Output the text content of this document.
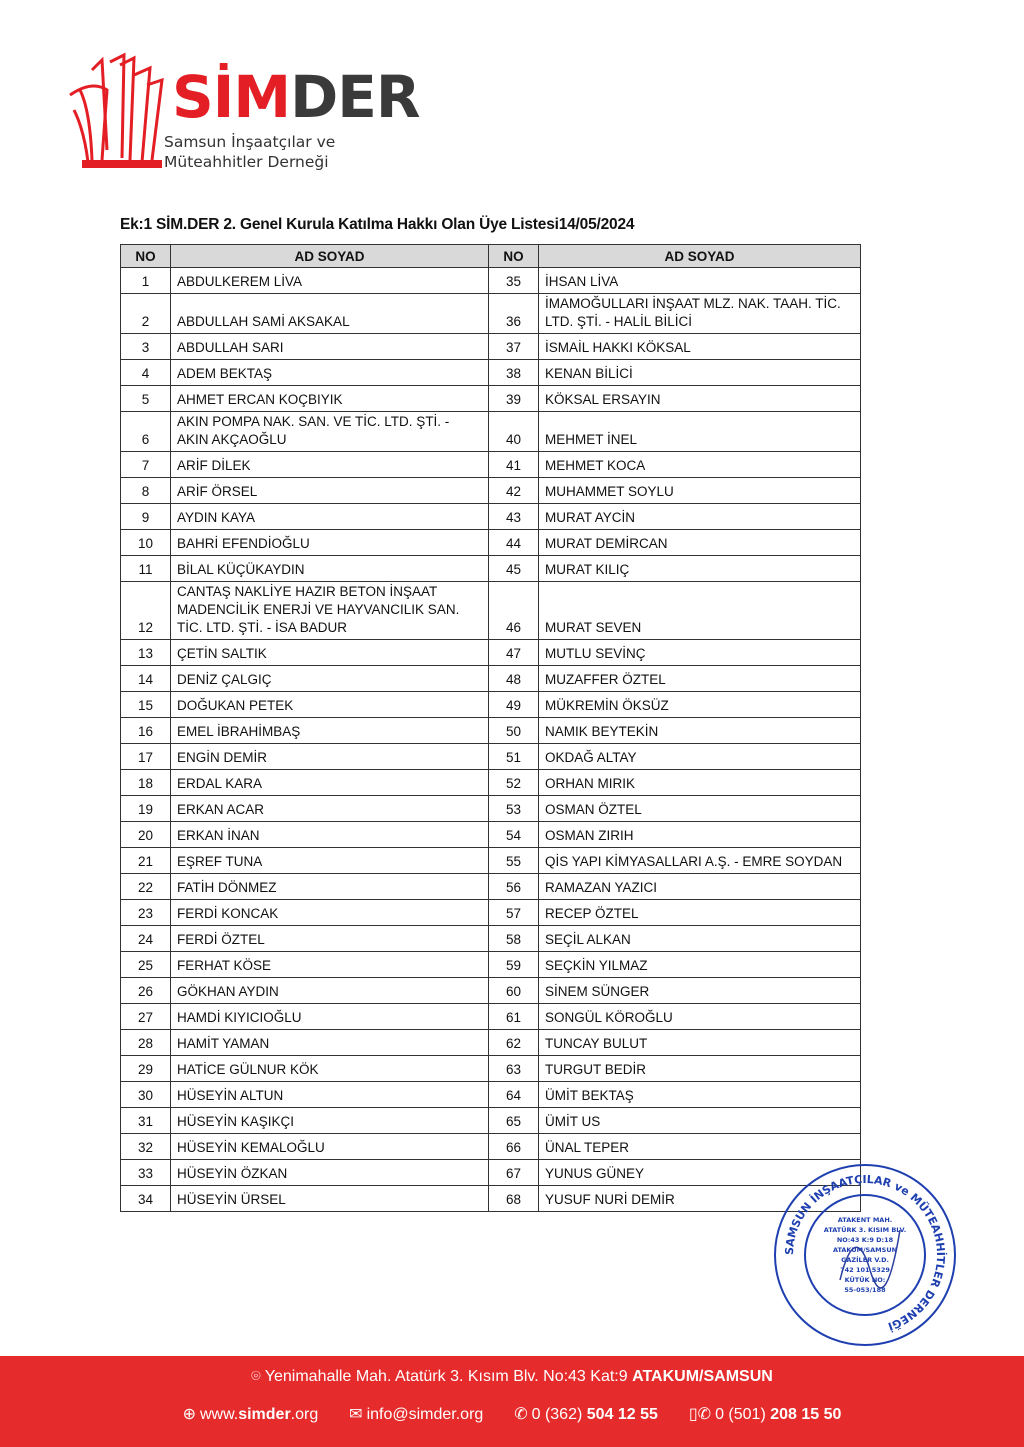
SİMDER
Samsun İnşaatçılar ve
Müteahhitler Derneği
Ek:1 SİM.DER 2. Genel Kurula Katılma Hakkı Olan Üye Listesi14/05/2024
NO	AD SOYAD	NO	AD SOYAD
1	ABDULKEREM LİVA	35	İHSAN LİVA
2	ABDULLAH SAMİ AKSAKAL	36	İMAMOĞULLARI İNŞAAT MLZ. NAK. TAAH. TİC. LTD. ŞTİ. - HALİL BİLİCİ
3	ABDULLAH SARI	37	İSMAİL HAKKI KÖKSAL
4	ADEM BEKTAŞ	38	KENAN BİLİCİ
5	AHMET ERCAN KOÇBIYIK	39	KÖKSAL ERSAYIN
6	AKIN POMPA NAK. SAN. VE TİC. LTD. ŞTİ. - AKIN AKÇAOĞLU	40	MEHMET İNEL
7	ARİF DİLEK	41	MEHMET KOCA
8	ARİF ÖRSEL	42	MUHAMMET SOYLU
9	AYDIN KAYA	43	MURAT AYCİN
10	BAHRİ EFENDİOĞLU	44	MURAT DEMİRCAN
11	BİLAL KÜÇÜKAYDIN	45	MURAT KILIÇ
12	CANTAŞ NAKLİYE HAZIR BETON İNŞAAT MADENCİLİK ENERJİ VE HAYVANCILIK SAN. TİC. LTD. ŞTİ. - İSA BADUR	46	MURAT SEVEN
13	ÇETİN SALTIK	47	MUTLU SEVİNÇ
14	DENİZ ÇALGIÇ	48	MUZAFFER ÖZTEL
15	DOĞUKAN PETEK	49	MÜKREMİN ÖKSÜZ
16	EMEL İBRAHİMBAŞ	50	NAMIK BEYTEKİN
17	ENGİN DEMİR	51	OKDAĞ ALTAY
18	ERDAL KARA	52	ORHAN MIRIK
19	ERKAN ACAR	53	OSMAN ÖZTEL
20	ERKAN İNAN	54	OSMAN ZIRIH
21	EŞREF TUNA	55	QİS YAPI KİMYASALLARI A.Ş. - EMRE SOYDAN
22	FATİH DÖNMEZ	56	RAMAZAN YAZICI
23	FERDİ KONCAK	57	RECEP ÖZTEL
24	FERDİ ÖZTEL	58	SEÇİL ALKAN
25	FERHAT KÖSE	59	SEÇKİN YILMAZ
26	GÖKHAN AYDIN	60	SİNEM SÜNGER
27	HAMDİ KIYICIOĞLU	61	SONGÜL KÖROĞLU
28	HAMİT YAMAN	62	TUNCAY BULUT
29	HATİCE GÜLNUR KÖK	63	TURGUT BEDİR
30	HÜSEYİN ALTUN	64	ÜMİT BEKTAŞ
31	HÜSEYİN KAŞIKÇI	65	ÜMİT US
32	HÜSEYİN KEMALOĞLU	66	ÜNAL TEPER
33	HÜSEYİN ÖZKAN	67	YUNUS GÜNEY
34	HÜSEYİN ÜRSEL	68	YUSUF NURİ DEMİR
SAMSUN İNŞAATÇILAR ve MÜTEAHHİTLER DERNEĞİ
ATAKENT MAH.
ATATÜRK 3. KISIM BLV.
NO:43 K:9 D:18
ATAKUM/SAMSUN
GAZİLER V.D.
742 101 5329
KÜTÜK NO:
55-053/188
⌾ Yenimahalle Mah. Atatürk 3. Kısım Blv. No:43 Kat:9 ATAKUM/SAMSUN
⊕ www.simder.org ✉ info@simder.org ✆ 0 (362) 504 12 55 ▯✆ 0 (501) 208 15 50
